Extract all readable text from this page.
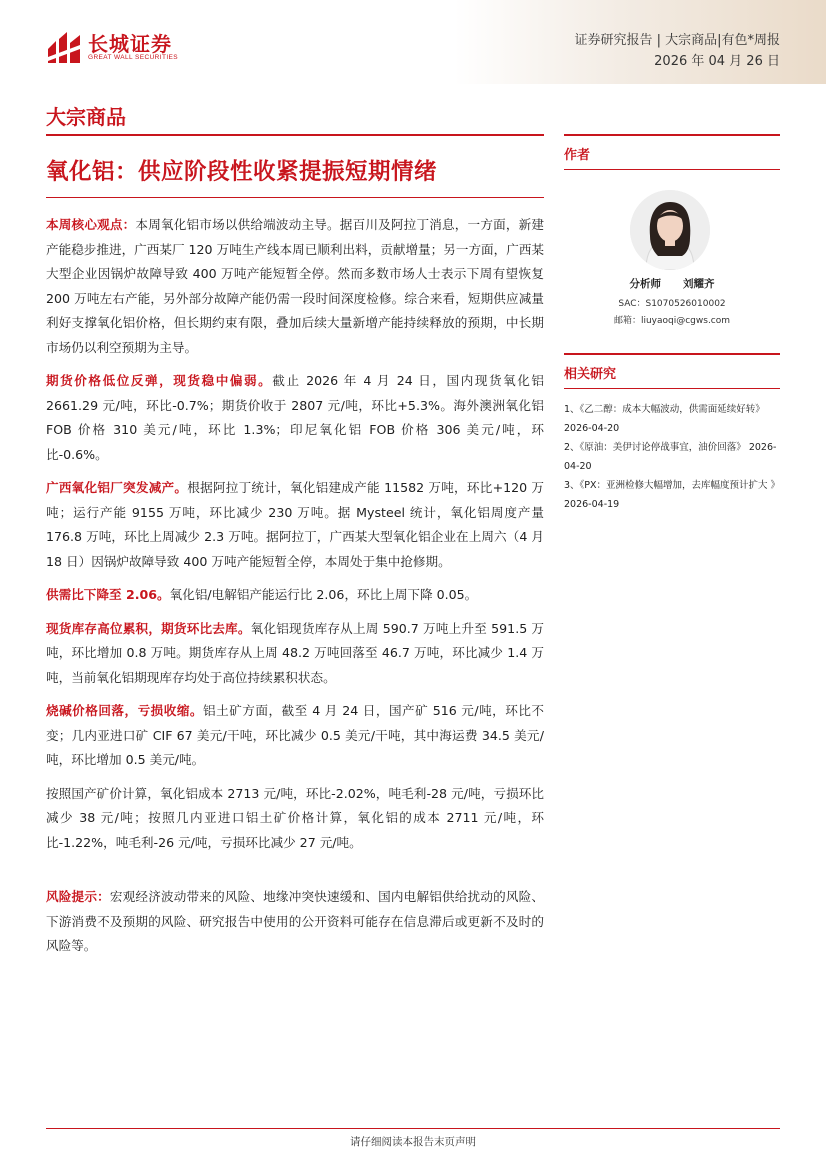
长城证券
GREAT WALL SECURITIES
证券研究报告 | 大宗商品|有色*周报
2026 年 04 月 26 日
大宗商品
氧化铝：供应阶段性收紧提振短期情绪

本周核心观点：本周氧化铝市场以供给端波动主导。据百川及阿拉丁消息，一方面，新建产能稳步推进，广西某厂 120 万吨生产线本周已顺利出料，贡献增量；另一方面，广西某大型企业因锅炉故障导致 400 万吨产能短暂全停。然而多数市场人士表示下周有望恢复 200 万吨左右产能，另外部分故障产能仍需一段时间深度检修。综合来看，短期供应减量利好支撑氧化铝价格，但长期约束有限，叠加后续大量新增产能持续释放的预期，中长期市场仍以利空预期为主导。

期货价格低位反弹，现货稳中偏弱。截止 2026 年 4 月 24 日，国内现货氧化铝 2661.29 元/吨，环比-0.7%；期货价收于 2807 元/吨，环比+5.3%。海外澳洲氧化铝 FOB 价格 310 美元/吨，环比 1.3%；印尼氧化铝 FOB 价格 306 美元/吨，环比-0.6%。

广西氧化铝厂突发减产。根据阿拉丁统计，氧化铝建成产能 11582 万吨，环比+120 万吨；运行产能 9155 万吨，环比减少 230 万吨。据 Mysteel 统计，氧化铝周度产量 176.8 万吨，环比上周减少 2.3 万吨。据阿拉丁，广西某大型氧化铝企业在上周六（4 月 18 日）因锅炉故障导致 400 万吨产能短暂全停，本周处于集中抢修期。

供需比下降至 2.06。氧化铝/电解铝产能运行比 2.06，环比上周下降 0.05。

现货库存高位累积，期货环比去库。氧化铝现货库存从上周 590.7 万吨上升至 591.5 万吨，环比增加 0.8 万吨。期货库存从上周 48.2 万吨回落至 46.7 万吨，环比减少 1.4 万吨，当前氧化铝期现库存均处于高位持续累积状态。

烧碱价格回落，亏损收缩。铝土矿方面，截至 4 月 24 日，国产矿 516 元/吨，环比不变；几内亚进口矿 CIF 67 美元/干吨，环比减少 0.5 美元/干吨，其中海运费 34.5 美元/吨，环比增加 0.5 美元/吨。

按照国产矿价计算，氧化铝成本 2713 元/吨，环比-2.02%，吨毛利-28 元/吨，亏损环比减少 38 元/吨；按照几内亚进口铝土矿价格计算，氧化铝的成本 2711 元/吨，环比-1.22%，吨毛利-26 元/吨，亏损环比减少 27 元/吨。

风险提示：宏观经济波动带来的风险、地缘冲突快速缓和、国内电解铝供给扰动的风险、下游消费不及预期的风险、研究报告中使用的公开资料可能存在信息滞后或更新不及时的风险等。

作者
分析师 刘耀齐
SAC：S1070526010002
邮箱：liuyaoqi@cgws.com
相关研究
1、《乙二醇：成本大幅波动，供需面延续好转》 2026-04-20
2、《原油：美伊讨论停战事宜，油价回落》 2026-04-20
3、《PX：亚洲检修大幅增加，去库幅度预计扩大 》2026-04-19
请仔细阅读本报告末页声明
